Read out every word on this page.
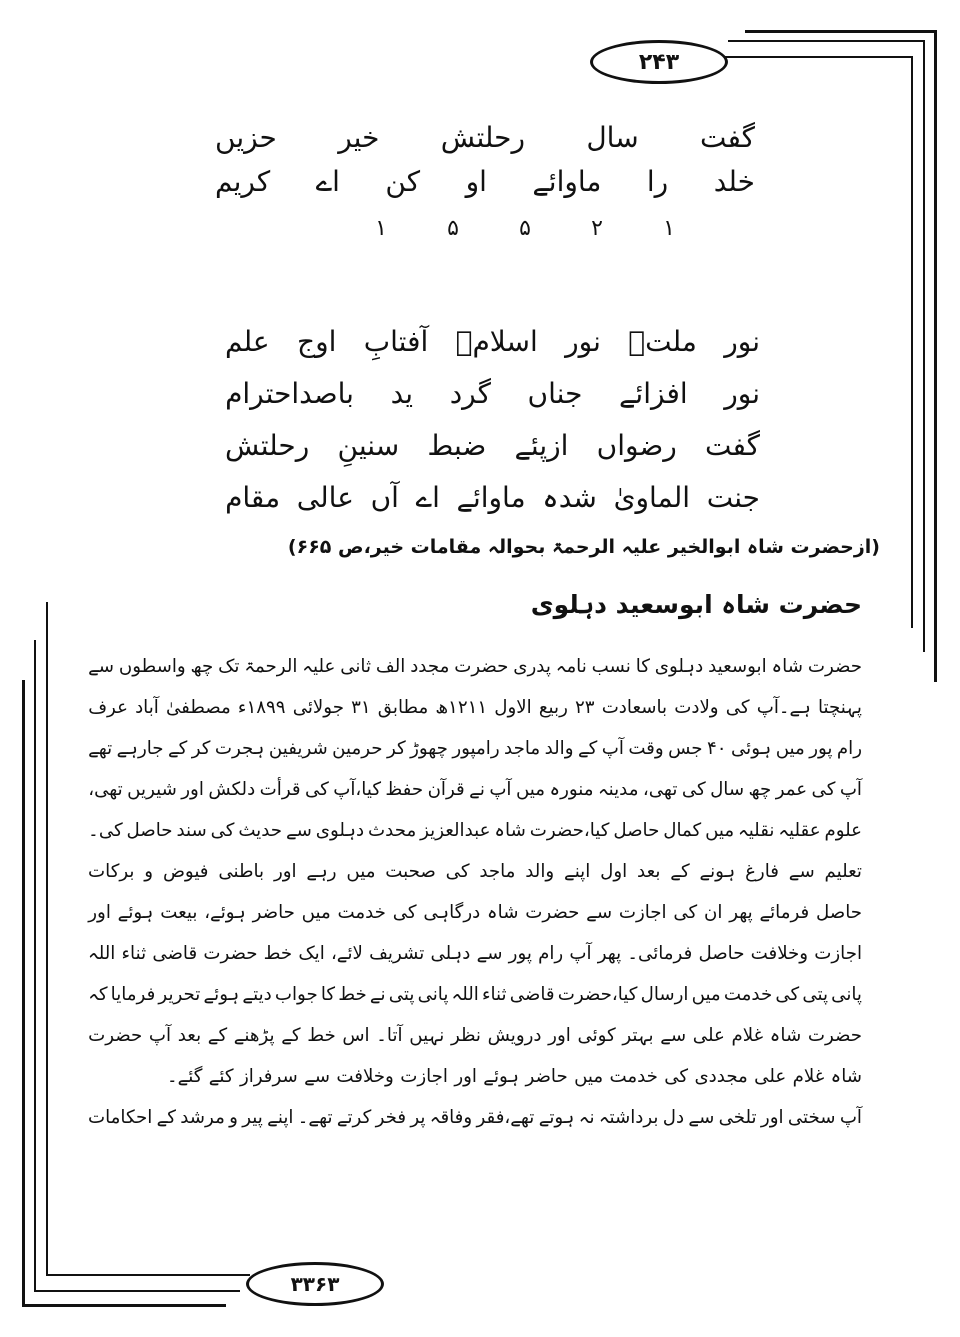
۲۴۳
۳۳۶۳
گفت
سال
رحلتش
خیر
حزیں
خلد
را
ماوائے
او
کن
اے
کریم
۱
۲
۵
۵
۱
نور
ملتؒ
نور
اسلامؒ
آفتابِ
اوج
علم
نور
افزائے
جناں
گرد
ید
باصداحترام
گفت
رضواں
ازپئے
ضبط
سنینِ
رحلتش
جنت
الماویٰ
شدہ
ماوائے
اے
آں
عالی
مقام
(ازحضرت شاہ ابوالخیر علیہ الرحمۃ بحوالہ مقامات خیر،ص ۶۶۵)
حضرت شاہ ابوسعید دہلوی
حضرت
شاہ
ابوسعید
دہلوی
کا
نسب
نامہ
پدری
حضرت
مجدد
الف
ثانی
علیہ
الرحمۃ
تک
چھ
واسطوں
سے
پہنچتا
ہے۔آپ
کی
ولادت
باسعادت
۲۳
ربیع
الاول
۱۲۱۱ھ
مطابق
۳۱
جولائی
۱۸۹۹ء
مصطفیٰ
آباد
عرف
رام
پور
میں
ہوئی
۴۰
جس
وقت
آپ
کے
والد
ماجد
رامپور
چھوڑ
کر
حرمین
شریفین
ہجرت
کر
کے
جارہے
تھے
آپ
کی
عمر
چھ
سال
کی
تھی،
مدینہ
منورہ
میں
آپ
نے
قرآن
حفظ
کیا،آپ
کی
قرأت
دلکش
اور
شیریں
تھی،
علوم
عقلیہ
نقلیہ
میں
کمال
حاصل
کیا،حضرت
شاہ
عبدالعزیز
محدث
دہلوی
سے
حدیث
کی
سند
حاصل
کی۔
تعلیم
سے
فارغ
ہونے
کے
بعد
اول
اپنے
والد
ماجد
کی
صحبت
میں
رہے
اور
باطنی
فیوض
و
برکات
حاصل
فرمائے
پھر
ان
کی
اجازت
سے
حضرت
شاہ
درگاہی
کی
خدمت
میں
حاضر
ہوئے،
بیعت
ہوئے
اور
اجازت
وخلافت
حاصل
فرمائی۔
پھر
آپ
رام
پور
سے
دہلی
تشریف
لائے،
ایک
خط
حضرت
قاضی
ثناء
اللہ
پانی
پتی
کی
خدمت
میں
ارسال
کیا،حضرت
قاضی
ثناء
اللہ
پانی
پتی
نے
خط
کا
جواب
دیتے
ہوئے
تحریر
فرمایا
کہ
حضرت
شاہ
غلام
علی
سے
بہتر
کوئی
اور
درویش
نظر
نہیں
آتا۔
اس
خط
کے
پڑھنے
کے
بعد
آپ
حضرت
شاہ
غلام
علی
مجددی
کی
خدمت
میں
حاضر
ہوئے
اور
اجازت
وخلافت
سے
سرفراز
کئے
گئے۔
آپ
سختی
اور
تلخی
سے
دل
برداشتہ
نہ
ہوتے
تھے،فقر
وفاقہ
پر
فخر
کرتے
تھے۔
اپنے
پیر
و
مرشد
کے
احکامات
